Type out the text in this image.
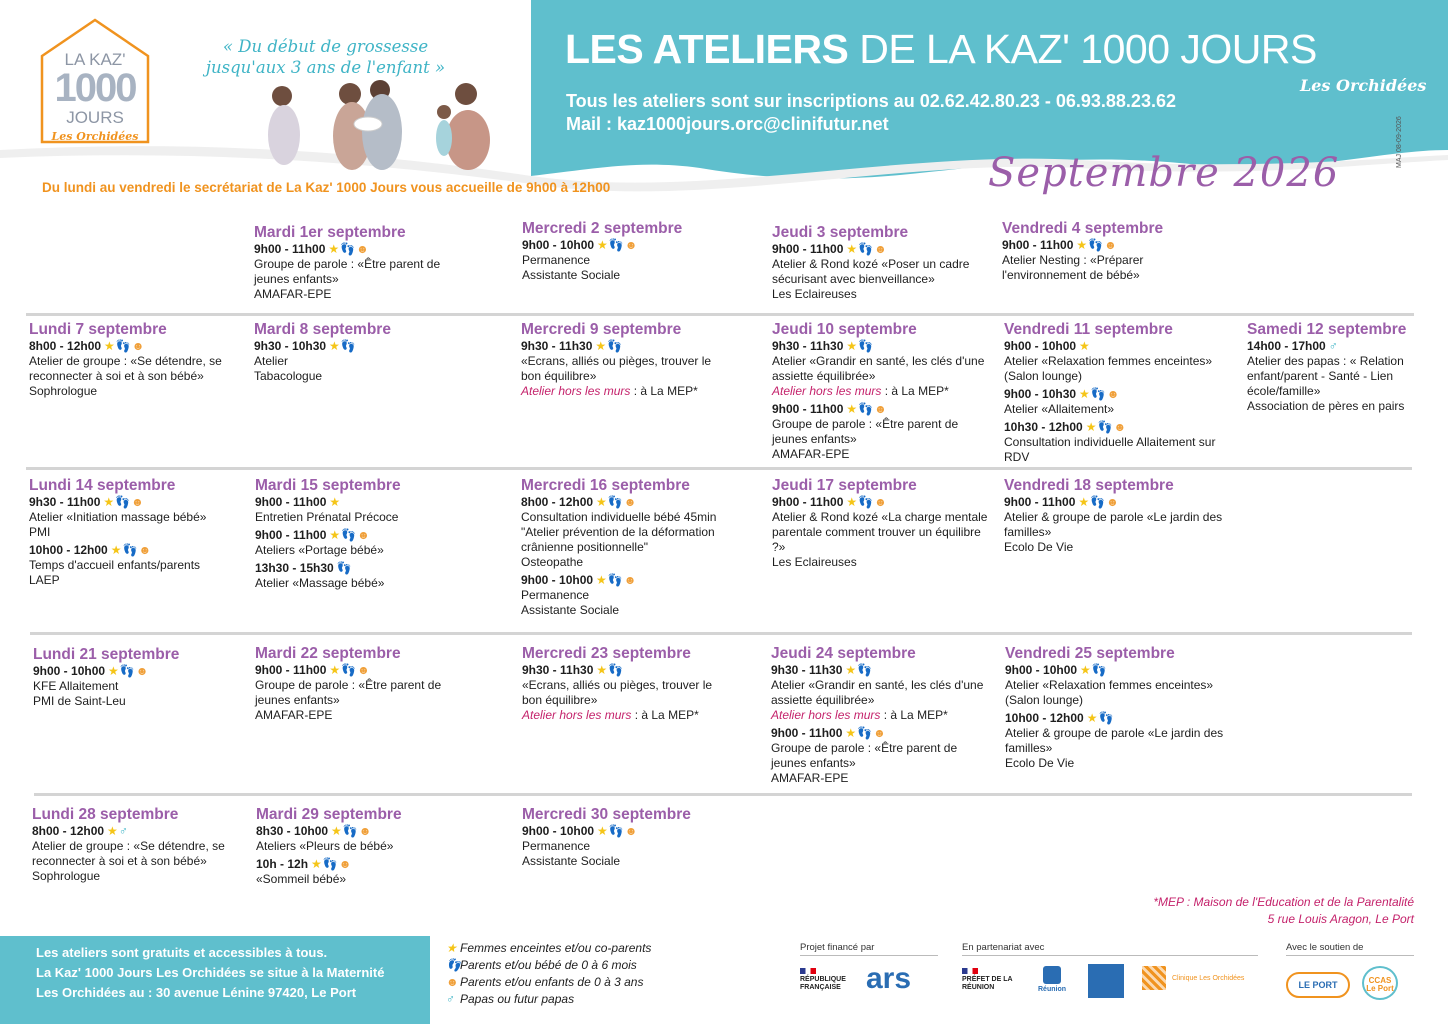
LA KAZ'
1000
JOURS
Les Orchidées
« Du début de grossesse
jusqu'aux 3 ans de l'enfant »	LES ATELIERS DE LA KAZ' 1000 JOURS
Les Orchidées
Tous les ateliers sont sur inscriptions au 02.62.42.80.23 - 06.93.88.23.62
Mail : kaz1000jours.orc@clinifutur.net
Septembre 2026
MAJ 08-09-2026
Du lundi au vendredi le secrétariat de La Kaz' 1000 Jours vous accueille de 9h00 à 12h00
Mardi 1er septembre
9h00 - 11h00 ★👣☻
Groupe de parole : «Être parent de jeunes enfants»
AMAFAR-EPE
Mercredi 2 septembre
9h00 - 10h00 ★👣☻
Permanence
Assistante Sociale
Jeudi 3 septembre
9h00 - 11h00 ★👣☻
Atelier & Rond kozé «Poser un cadre sécurisant avec bienveillance»
Les Eclaireuses
Vendredi 4 septembre
9h00 - 11h00 ★👣☻
Atelier Nesting : «Préparer l'environnement de bébé»
Lundi 7 septembre
8h00 - 12h00 ★👣☻
Atelier de groupe : «Se détendre, se reconnecter à soi et à son bébé»
Sophrologue
Mardi 8 septembre
9h30 - 10h30 ★👣
Atelier
Tabacologue
Mercredi 9 septembre
9h30 - 11h30 ★👣
«Ecrans, alliés ou pièges, trouver le bon équilibre»
Atelier hors les murs : à La MEP*
Jeudi 10 septembre
9h30 - 11h30 ★👣
Atelier «Grandir en santé, les clés d'une assiette équilibrée»
Atelier hors les murs : à La MEP*
9h00 - 11h00 ★👣☻
Groupe de parole : «Être parent de jeunes enfants»
AMAFAR-EPE
Vendredi 11 septembre
9h00 - 10h00 ★
Atelier «Relaxation femmes enceintes» (Salon lounge)
9h00 - 10h30 ★👣☻
Atelier «Allaitement»
10h30 - 12h00 ★👣☻
Consultation individuelle Allaitement sur RDV
Samedi 12 septembre
14h00 - 17h00 ♂
Atelier des papas : « Relation enfant/parent - Santé - Lien école/famille»
Association de pères en pairs
Lundi 14 septembre
9h30 - 11h00 ★👣☻
Atelier «Initiation massage bébé»
PMI
10h00 - 12h00 ★👣☻
Temps d'accueil enfants/parents
LAEP
Mardi 15 septembre
9h00 - 11h00 ★
Entretien Prénatal Précoce
9h00 - 11h00 ★👣☻
Ateliers «Portage bébé»
13h30 - 15h30 👣
Atelier «Massage bébé»
Mercredi 16 septembre
8h00 - 12h00 ★👣☻
Consultation individuelle bébé 45min
"Atelier prévention de la déformation crânienne positionnelle"
Osteopathe
9h00 - 10h00 ★👣☻
Permanence
Assistante Sociale
Jeudi 17 septembre
9h00 - 11h00 ★👣☻
Atelier & Rond kozé «La charge mentale parentale comment trouver un équilibre ?»
Les Eclaireuses
Vendredi 18 septembre
9h00 - 11h00 ★👣☻
Atelier & groupe de parole «Le jardin des familles»
Ecolo De Vie
Lundi 21 septembre
9h00 - 10h00 ★👣☻
KFE Allaitement
PMI de Saint-Leu
Mardi 22 septembre
9h00 - 11h00 ★👣☻
Groupe de parole : «Être parent de jeunes enfants»
AMAFAR-EPE
Mercredi 23 septembre
9h30 - 11h30 ★👣
«Ecrans, alliés ou pièges, trouver le bon équilibre»
Atelier hors les murs : à La MEP*
Jeudi 24 septembre
9h30 - 11h30 ★👣
Atelier «Grandir en santé, les clés d'une assiette équilibrée»
Atelier hors les murs : à La MEP*
9h00 - 11h00 ★👣☻
Groupe de parole : «Être parent de jeunes enfants»
AMAFAR-EPE
Vendredi 25 septembre
9h00 - 10h00 ★👣
Atelier «Relaxation femmes enceintes» (Salon lounge)
10h00 - 12h00 ★👣
Atelier & groupe de parole «Le jardin des familles»
Ecolo De Vie
Lundi 28 septembre
8h00 - 12h00 ★♂
Atelier de groupe : «Se détendre, se reconnecter à soi et à son bébé»
Sophrologue
Mardi 29 septembre
8h30 - 10h00 ★👣☻
Ateliers «Pleurs de bébé»
10h - 12h ★👣☻
«Sommeil bébé»
Mercredi 30 septembre
9h00 - 10h00 ★👣☻
Permanence
Assistante Sociale
*MEP : Maison de l'Education et de la Parentalité
5 rue Louis Aragon, Le Port

Les ateliers sont gratuits et accessibles à tous.

La Kaz' 1000 Jours Les Orchidées se situe à la Maternité

Les Orchidées au : 30 avenue Lénine 97420, Le Port

★ Femmes enceintes et/ou co-parents
👣Parents et/ou bébé de 0 à 6 mois
☻Parents et/ou enfants de 0 à 3 ans
♂ Papas ou futur papas
Projet financé par	En partenariat avec	Avec le soutien de
RÉPUBLIQUE FRANÇAISE ars	PRÉFET DE LA RÉUNION	Réunion
Clinique Les Orchidées
LE PORT	CCAS Le Port
